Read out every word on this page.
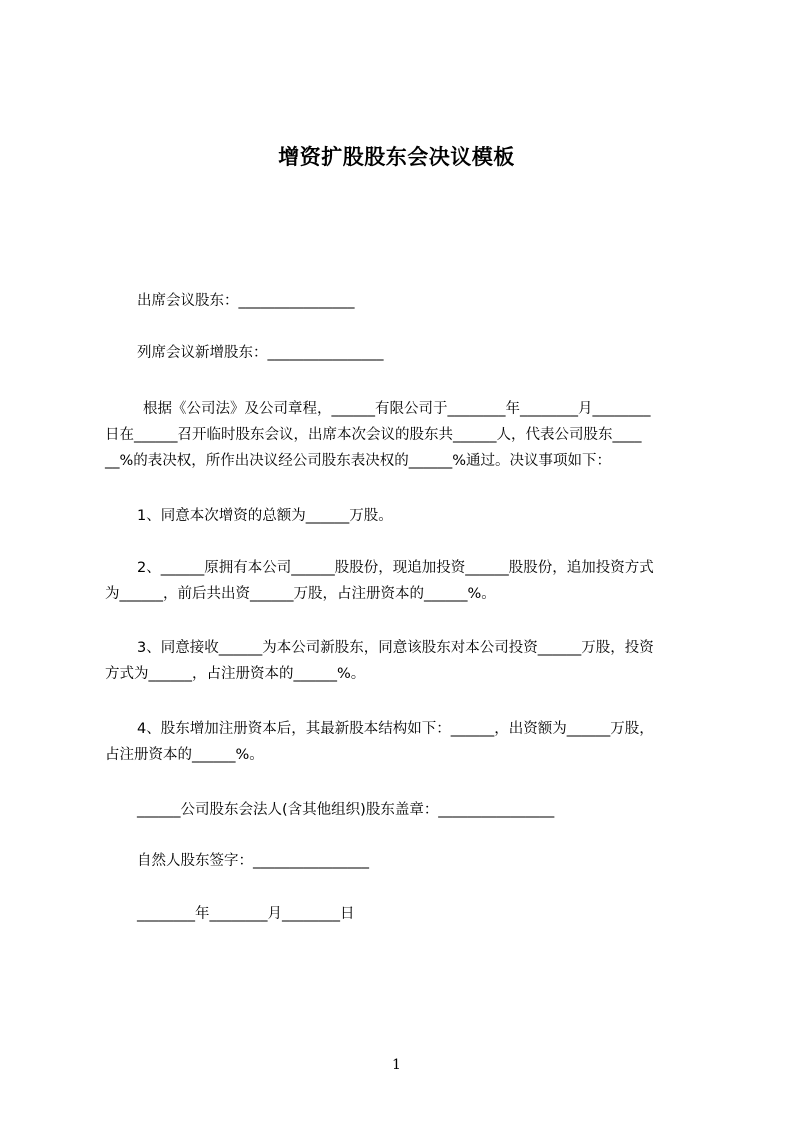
增资扩股股东会决议模板
出席会议股东：________________
列席会议新增股东：________________
根据《公司法》及公司章程，______有限公司于________年________月________
日在______召开临时股东会议，出席本次会议的股东共______人，代表公司股东____
__%的表决权，所作出决议经公司股东表决权的______%通过。决议事项如下：
1、同意本次增资的总额为______万股。
2、______原拥有本公司______股股份，现追加投资______股股份，追加投资方式
为______，前后共出资______万股，占注册资本的______%。
3、同意接收______为本公司新股东，同意该股东对本公司投资______万股，投资
方式为______，占注册资本的______%。
4、股东增加注册资本后，其最新股本结构如下：______，出资额为______万股，
占注册资本的______%。
______公司股东会法人(含其他组织)股东盖章：________________
自然人股东签字：________________
________年________月________日
1
